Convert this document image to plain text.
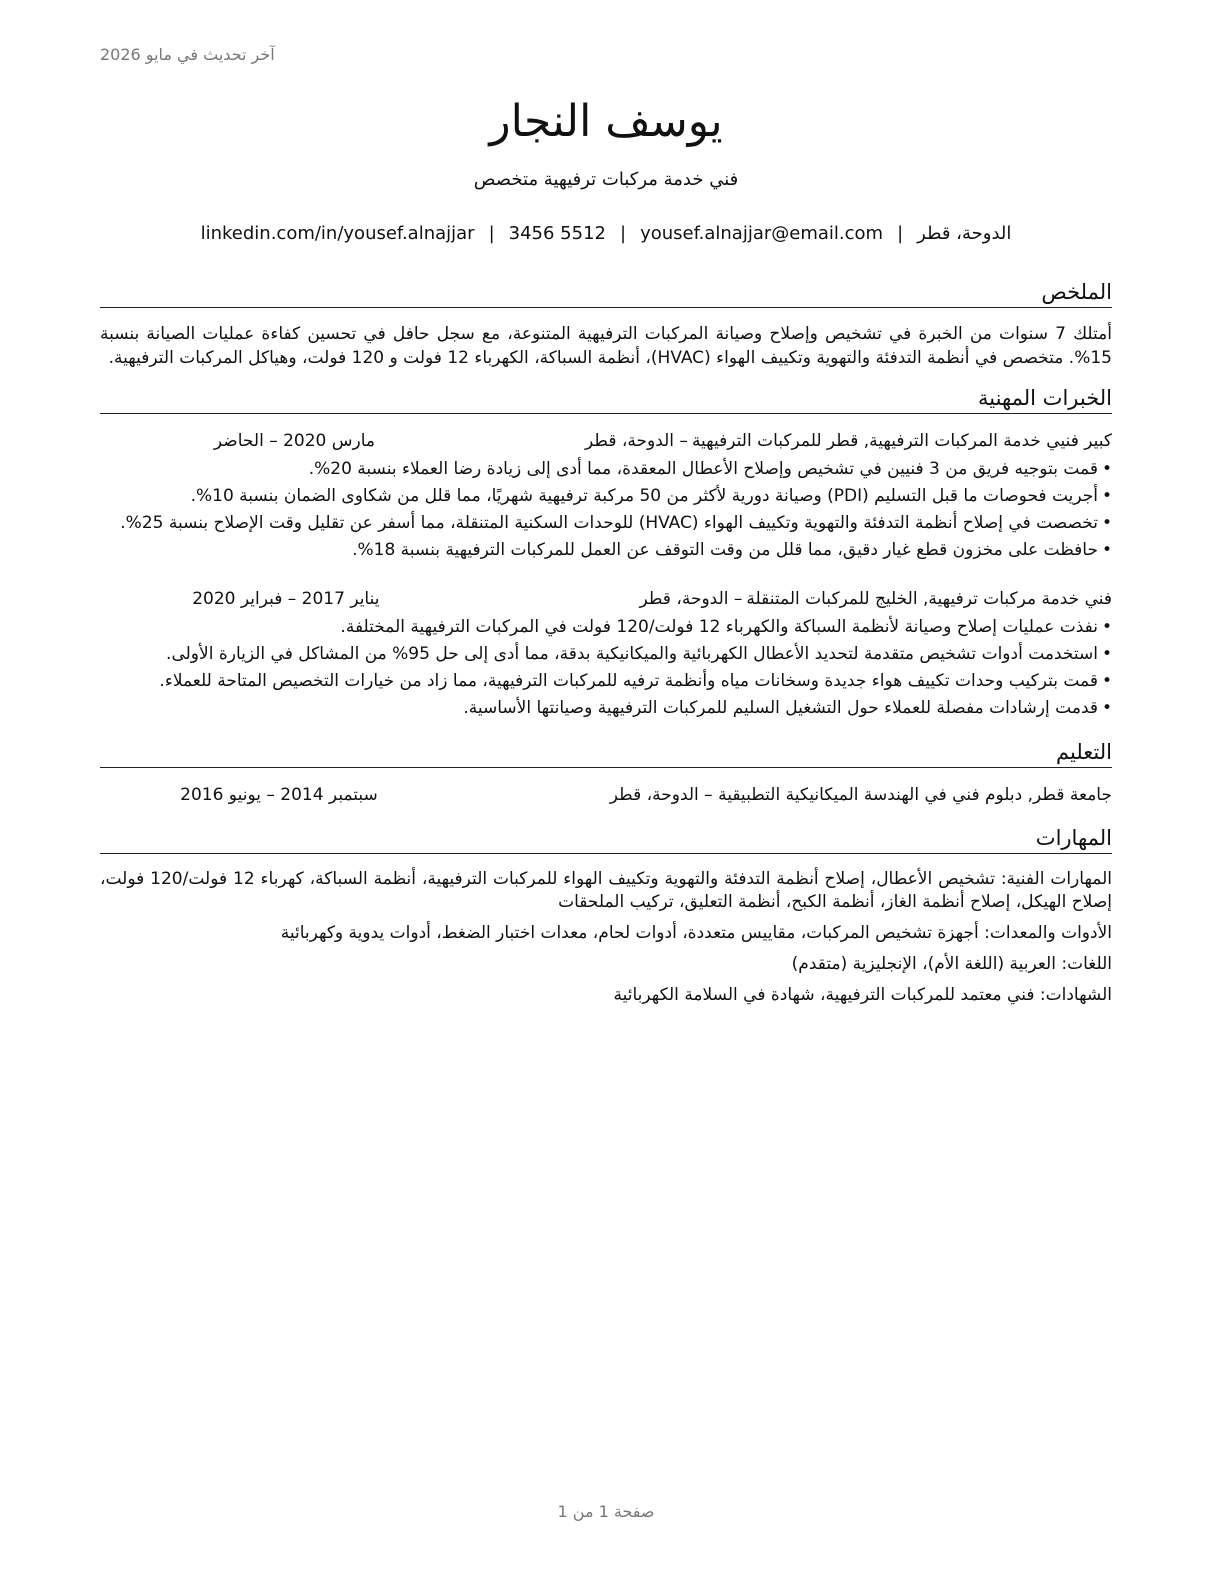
آخر تحديث في مايو 2026
يوسف النجار
فني خدمة مركبات ترفيهية متخصص
الدوحة، قطر|yousef.alnajjar@email.com|3456 5512|linkedin.com/in/yousef.alnajjar
الملخص
أمتلك 7 سنوات من الخبرة في تشخيص وإصلاح وصيانة المركبات الترفيهية المتنوعة، مع سجل حافل في تحسين كفاءة عمليات الصيانة بنسبة 15%. متخصص في أنظمة التدفئة والتهوية وتكييف الهواء (HVAC)، أنظمة السباكة، الكهرباء 12 فولت و 120 فولت، وهياكل المركبات الترفيهية.
الخبرات المهنية
كبير فنيي خدمة المركبات الترفيهية, قطر للمركبات الترفيهية
– الدوحة، قطر
مارس 2020 – الحاضر
•
قمت بتوجيه فريق من 3 فنيين في تشخيص وإصلاح الأعطال المعقدة، مما أدى إلى زيادة رضا العملاء بنسبة 20%.
•
أجريت فحوصات ما قبل التسليم (PDI) وصيانة دورية لأكثر من 50 مركبة ترفيهية شهريًا، مما قلل من شكاوى الضمان بنسبة 10%.
•
تخصصت في إصلاح أنظمة التدفئة والتهوية وتكييف الهواء (HVAC) للوحدات السكنية المتنقلة، مما أسفر عن تقليل وقت الإصلاح بنسبة 25%.
•
حافظت على مخزون قطع غيار دقيق، مما قلل من وقت التوقف عن العمل للمركبات الترفيهية بنسبة 18%.
فني خدمة مركبات ترفيهية, الخليج للمركبات المتنقلة
– الدوحة، قطر
يناير 2017 – فبراير 2020
•
نفذت عمليات إصلاح وصيانة لأنظمة السباكة والكهرباء 12 فولت/120 فولت في المركبات الترفيهية المختلفة.
•
استخدمت أدوات تشخيص متقدمة لتحديد الأعطال الكهربائية والميكانيكية بدقة، مما أدى إلى حل 95% من المشاكل في الزيارة الأولى.
•
قمت بتركيب وحدات تكييف هواء جديدة وسخانات مياه وأنظمة ترفيه للمركبات الترفيهية، مما زاد من خيارات التخصيص المتاحة للعملاء.
•
قدمت إرشادات مفصلة للعملاء حول التشغيل السليم للمركبات الترفيهية وصيانتها الأساسية.
التعليم
جامعة قطر, دبلوم فني في الهندسة الميكانيكية التطبيقية – الدوحة، قطر
سبتمبر 2014 – يونيو 2016
المهارات
المهارات الفنية: تشخيص الأعطال، إصلاح أنظمة التدفئة والتهوية وتكييف الهواء للمركبات الترفيهية، أنظمة السباكة، كهرباء 12 فولت/120 فولت، إصلاح الهيكل، إصلاح أنظمة الغاز، أنظمة الكبح، أنظمة التعليق، تركيب الملحقات
الأدوات والمعدات: أجهزة تشخيص المركبات، مقاييس متعددة، أدوات لحام، معدات اختبار الضغط، أدوات يدوية وكهربائية
اللغات: العربية (اللغة الأم)، الإنجليزية (متقدم)
الشهادات: فني معتمد للمركبات الترفيهية، شهادة في السلامة الكهربائية
صفحة 1 من 1
